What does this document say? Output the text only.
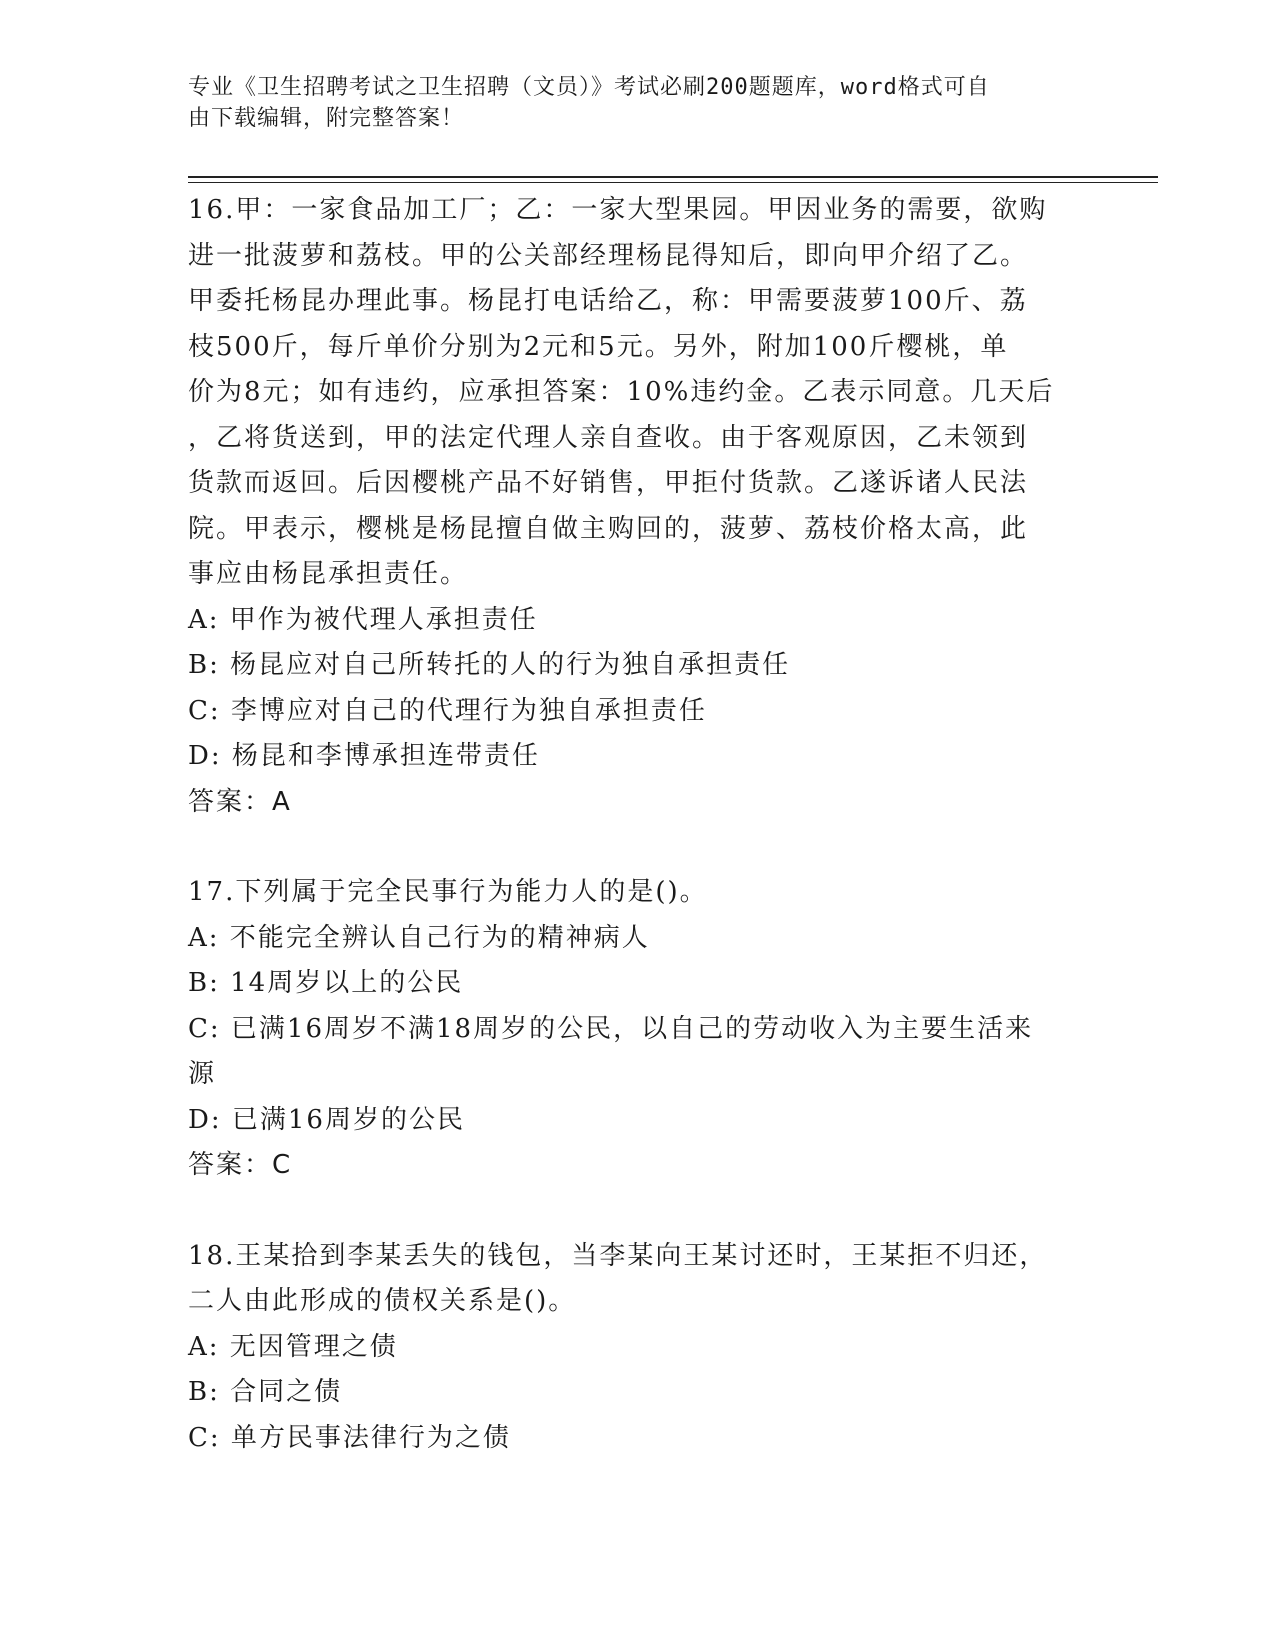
专业《卫生招聘考试之卫生招聘（文员）》考试必刷200题题库，word格式可自
由下载编辑，附完整答案！
16.甲：一家食品加工厂；乙：一家大型果园。甲因业务的需要，欲购
进一批菠萝和荔枝。甲的公关部经理杨昆得知后，即向甲介绍了乙。
甲委托杨昆办理此事。杨昆打电话给乙，称：甲需要菠萝100斤、荔
枝500斤，每斤单价分别为2元和5元。另外，附加100斤樱桃，单
价为8元；如有违约，应承担答案：10%违约金。乙表示同意。几天后
，乙将货送到，甲的法定代理人亲自查收。由于客观原因，乙未领到
货款而返回。后因樱桃产品不好销售，甲拒付货款。乙遂诉诸人民法
院。甲表示，樱桃是杨昆擅自做主购回的，菠萝、荔枝价格太高，此
事应由杨昆承担责任。
A: 甲作为被代理人承担责任
B: 杨昆应对自己所转托的人的行为独自承担责任
C: 李博应对自己的代理行为独自承担责任
D: 杨昆和李博承担连带责任
答案：A
17.下列属于完全民事行为能力人的是()。
A: 不能完全辨认自己行为的精神病人
B: 14周岁以上的公民
C: 已满16周岁不满18周岁的公民，以自己的劳动收入为主要生活来
源
D: 已满16周岁的公民
答案：C
18.王某拾到李某丢失的钱包，当李某向王某讨还时，王某拒不归还，
二人由此形成的债权关系是()。
A: 无因管理之债
B: 合同之债
C: 单方民事法律行为之债
